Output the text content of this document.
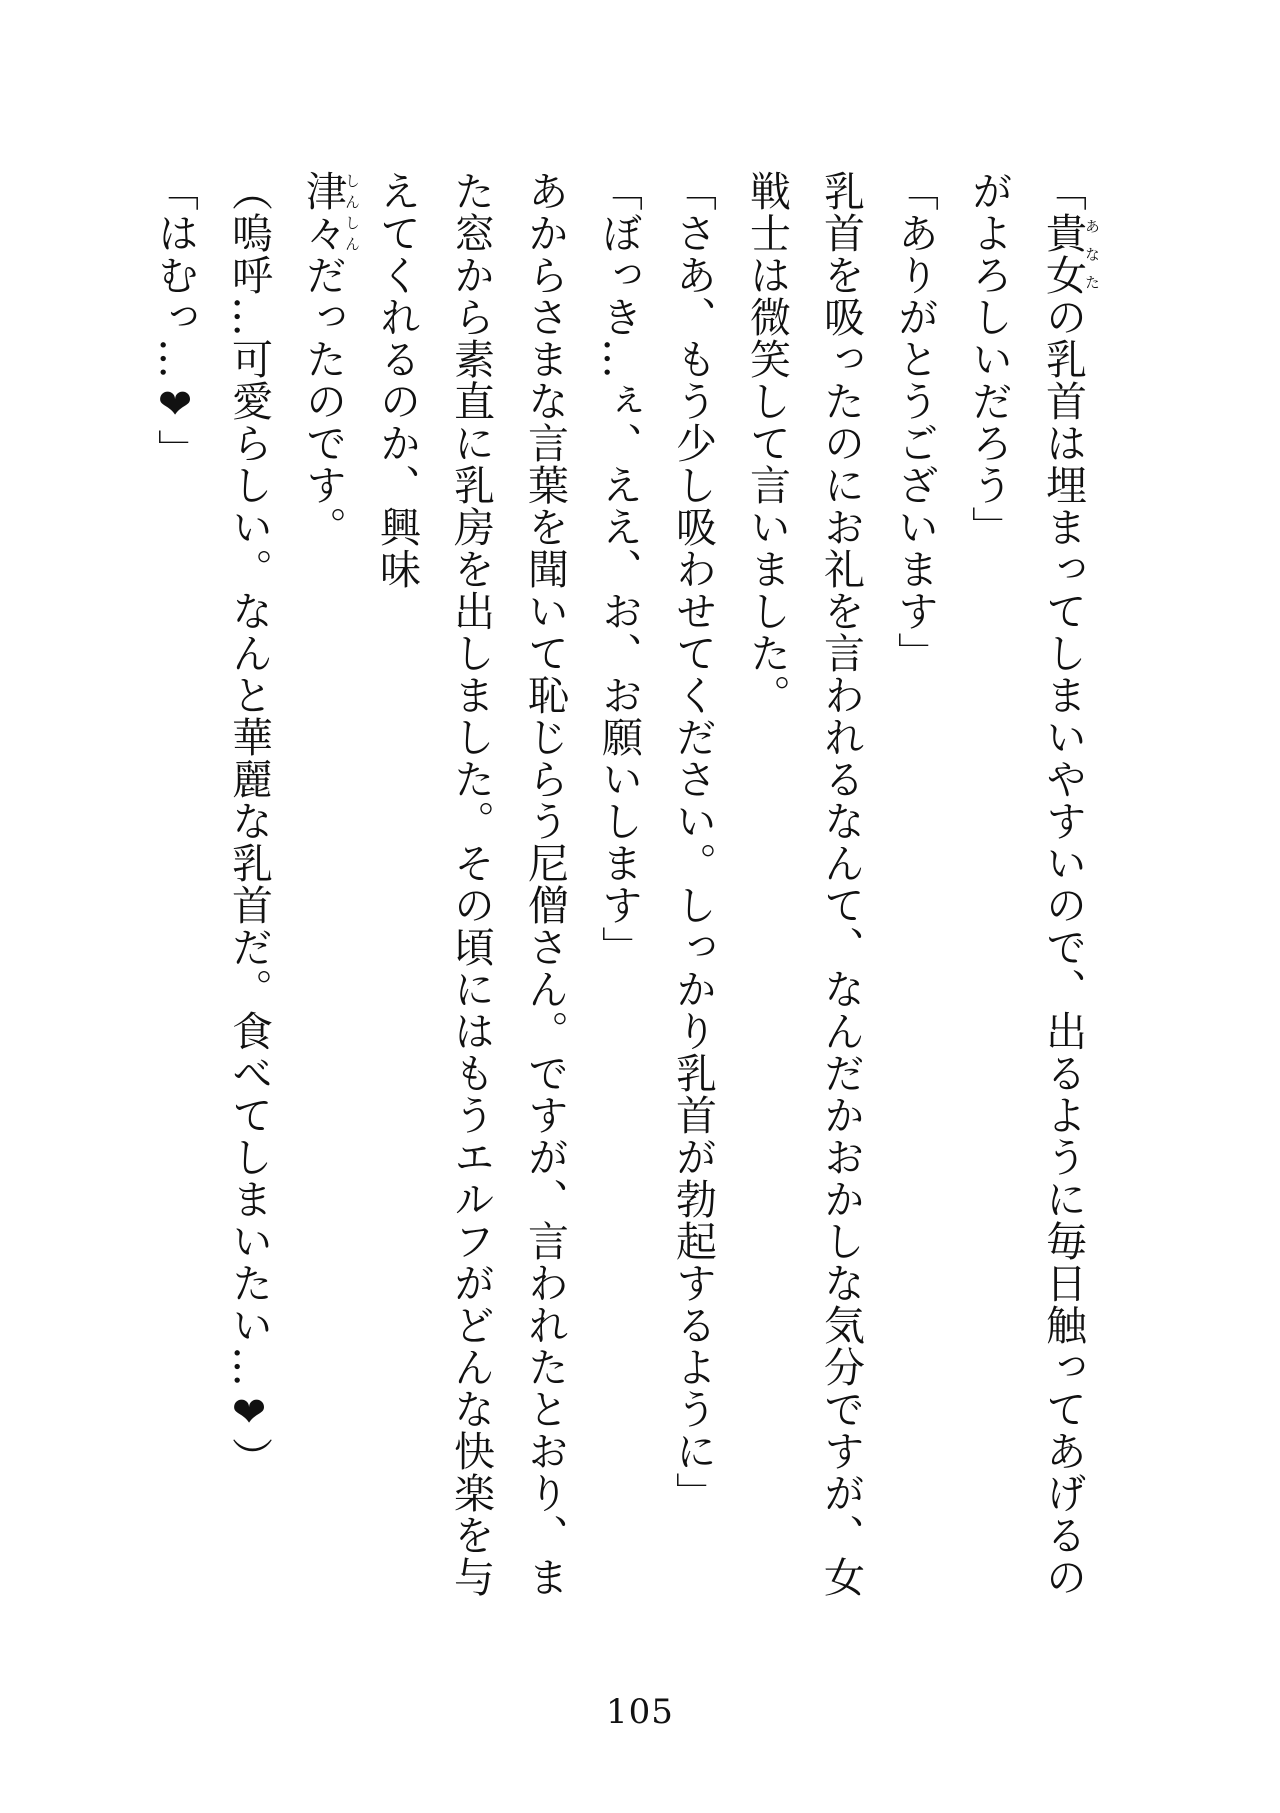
「貴女あなたの乳首は埋まってしまいやすいので、出るように毎日触ってあげるのがよろしいだろう」

「ありがとうございます」

乳首を吸ったのにお礼を言われるなんて、なんだかおかしな気分ですが、女戦士は微笑して言いました。

「さあ、もう少し吸わせてください。しっかり乳首が勃起するように」

「ぼっき…ぇ、ええ、お、お願いします」

あからさまな言葉を聞いて恥じらう尼僧さん。ですが、言われたとおり、また窓から素直に乳房を出しました。その頃にはもうエルフがどんな快楽を与えてくれるのか、興味

津々しんしんだったのです。

（嗚呼…可愛らしい。なんと華麗な乳首だ。食べてしまいたい…❤）

「はむっ…❤」

105
